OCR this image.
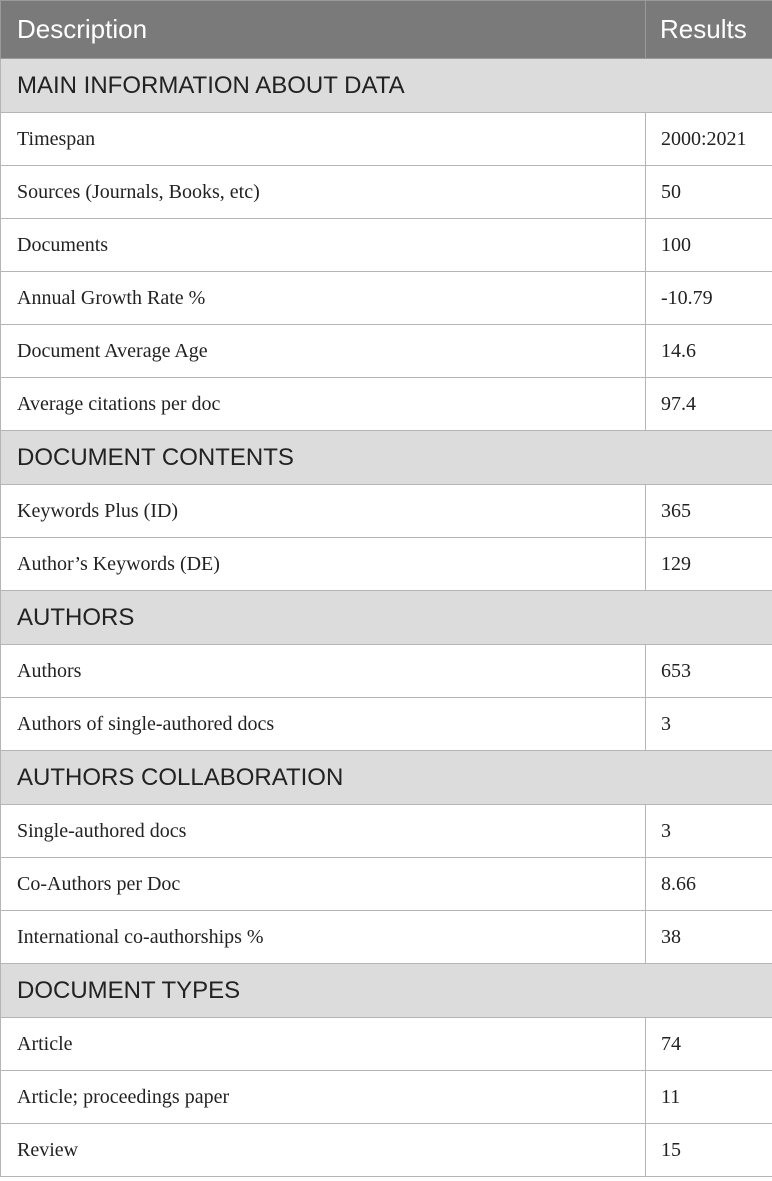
Description	Results
MAIN INFORMATION ABOUT DATA	
Timespan	2000:2021
Sources (Journals, Books, etc)	50
Documents	100
Annual Growth Rate %	-10.79
Document Average Age	14.6
Average citations per doc	97.4
DOCUMENT CONTENTS	
Keywords Plus (ID)	365
Author’s Keywords (DE)	129
AUTHORS	
Authors	653
Authors of single-authored docs	3
AUTHORS COLLABORATION	
Single-authored docs	3
Co-Authors per Doc	8.66
International co-authorships %	38
DOCUMENT TYPES	
Article	74
Article; proceedings paper	11
Review	15
